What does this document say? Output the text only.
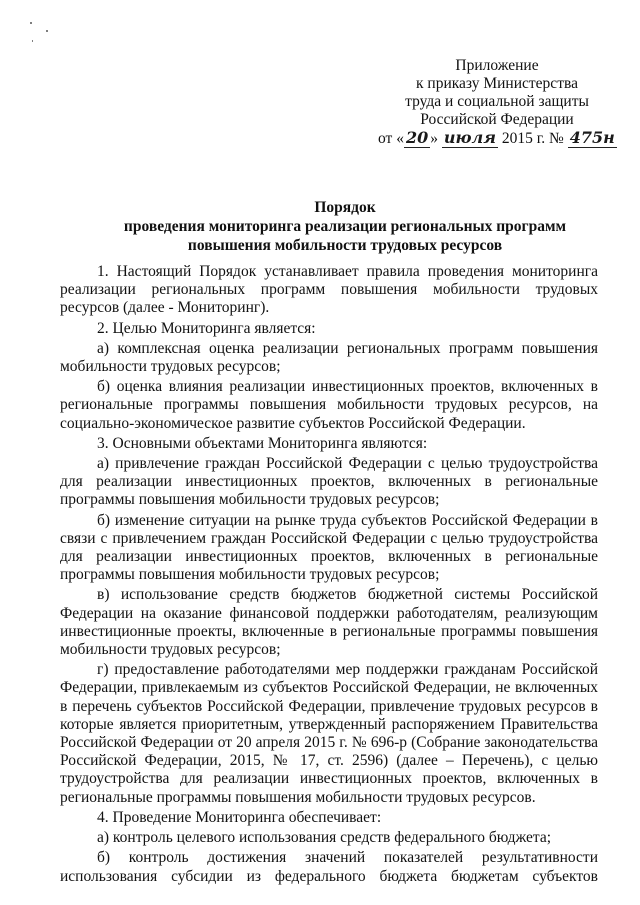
Приложение
к приказу Министерства
труда и социальной защиты
Российской Федерации
от « 20 » июля 2015 г. № 475н
Порядок
проведения мониторинга реализации региональных программ
повышения мобильности трудовых ресурсов

1. Настоящий Порядок устанавливает правила проведения мониторинга реализации региональных программ повышения мобильности трудовых ресурсов (далее - Мониторинг).

2. Целью Мониторинга является:

а) комплексная оценка реализации региональных программ повышения мобильности трудовых ресурсов;

б) оценка влияния реализации инвестиционных проектов, включенных в региональные программы повышения мобильности трудовых ресурсов, на социально-экономическое развитие субъектов Российской Федерации.

3. Основными объектами Мониторинга являются:

а) привлечение граждан Российской Федерации с целью трудоустройства для реализации инвестиционных проектов, включенных в региональные программы повышения мобильности трудовых ресурсов;

б) изменение ситуации на рынке труда субъектов Российской Федерации в связи с привлечением граждан Российской Федерации с целью трудоустройства для реализации инвестиционных проектов, включенных в региональные программы повышения мобильности трудовых ресурсов;

в) использование средств бюджетов бюджетной системы Российской Федерации на оказание финансовой поддержки работодателям, реализующим инвестиционные проекты, включенные в региональные программы повышения мобильности трудовых ресурсов;

г) предоставление работодателями мер поддержки гражданам Российской Федерации, привлекаемым из субъектов Российской Федерации, не включенных в перечень субъектов Российской Федерации, привлечение трудовых ресурсов в которые является приоритетным, утвержденный распоряжением Правительства Российской Федерации от 20 апреля 2015 г. № 696-р (Собрание законодательства Российской Федерации, 2015, № 17, ст. 2596) (далее – Перечень), с целью трудоустройства для реализации инвестиционных проектов, включенных в региональные программы повышения мобильности трудовых ресурсов.

4. Проведение Мониторинга обеспечивает:

а) контроль целевого использования средств федерального бюджета;

б) контроль достижения значений показателей результативности использования субсидии из федерального бюджета бюджетам субъектов
